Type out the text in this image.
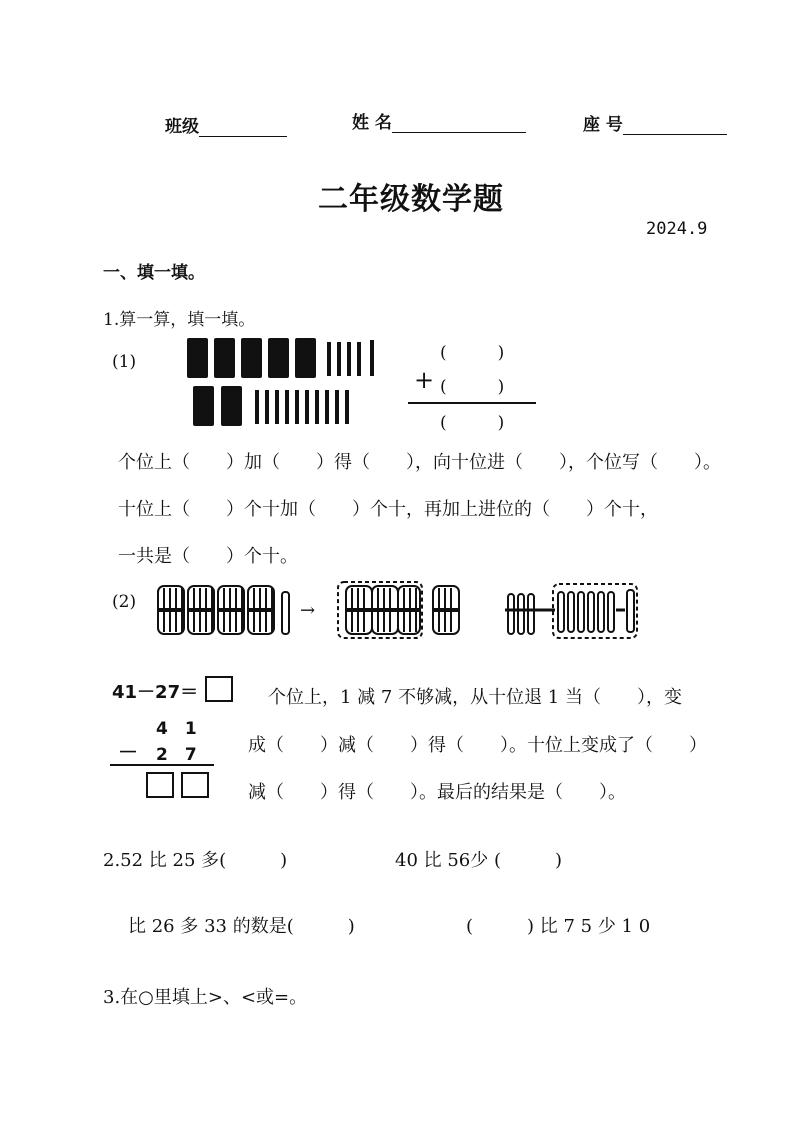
班级	姓 名	座 号
二年级数学题
2024.9
一、填一填。
1.算一算，填一填。
(1)	(　　　)
+ (　　　)
(　　　)
个位上（　　）加（　　）得（　　），向十位进（　　），个位写（　　）。
十位上（　　）个十加（　　）个十，再加上进位的（　　）个十，
一共是（　　）个十。
(2)	→
41－27＝
4　1
－ 2　7
个位上，1 减 7 不够减，从十位退 1 当（　　），变
成（　　）减（　　）得（　　）。十位上变成了（　　）
减（　　）得（　　）。最后的结果是（　　）。
2.52 比 25 多(　　　)	40 比 56少 (　　　)
比 26 多 33 的数是(　　　)	(　　　) 比 7 5 少 1 0
3.在○里填上>、<或=。
